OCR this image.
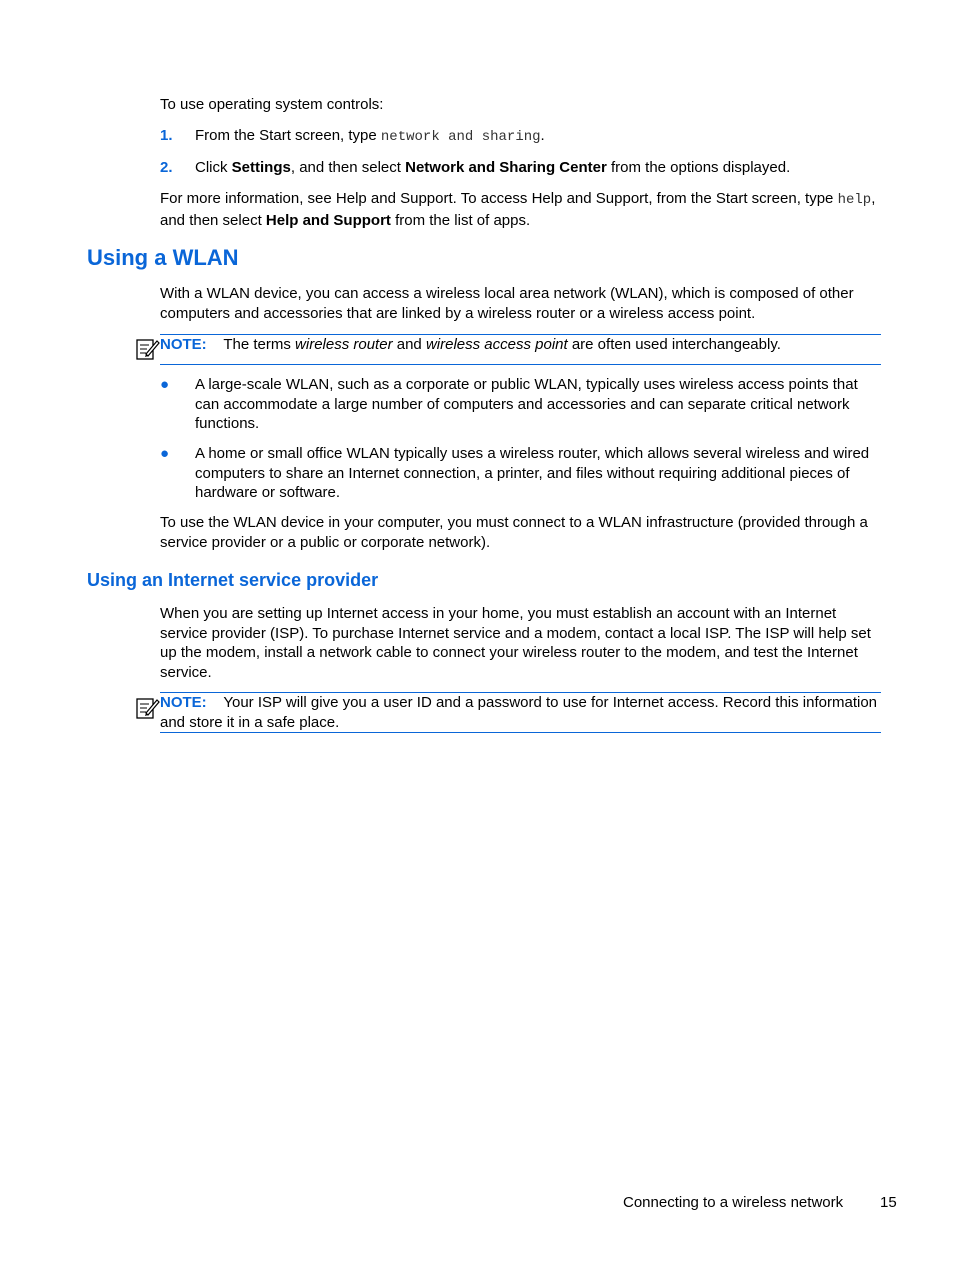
To use operating system controls:
1. From the Start screen, type network and sharing.
2. Click Settings, and then select Network and Sharing Center from the options displayed.
For more information, see Help and Support. To access Help and Support, from the Start screen, type help, and then select Help and Support from the list of apps.
Using a WLAN
With a WLAN device, you can access a wireless local area network (WLAN), which is composed of other computers and accessories that are linked by a wireless router or a wireless access point.
NOTE: The terms wireless router and wireless access point are often used interchangeably.
● A large-scale WLAN, such as a corporate or public WLAN, typically uses wireless access points that can accommodate a large number of computers and accessories and can separate critical network functions.
● A home or small office WLAN typically uses a wireless router, which allows several wireless and wired computers to share an Internet connection, a printer, and files without requiring additional pieces of hardware or software.
To use the WLAN device in your computer, you must connect to a WLAN infrastructure (provided through a service provider or a public or corporate network).
Using an Internet service provider
When you are setting up Internet access in your home, you must establish an account with an Internet service provider (ISP). To purchase Internet service and a modem, contact a local ISP. The ISP will help set up the modem, install a network cable to connect your wireless router to the modem, and test the Internet service.
NOTE: Your ISP will give you a user ID and a password to use for Internet access. Record this information and store it in a safe place.
Connecting to a wireless network 15
